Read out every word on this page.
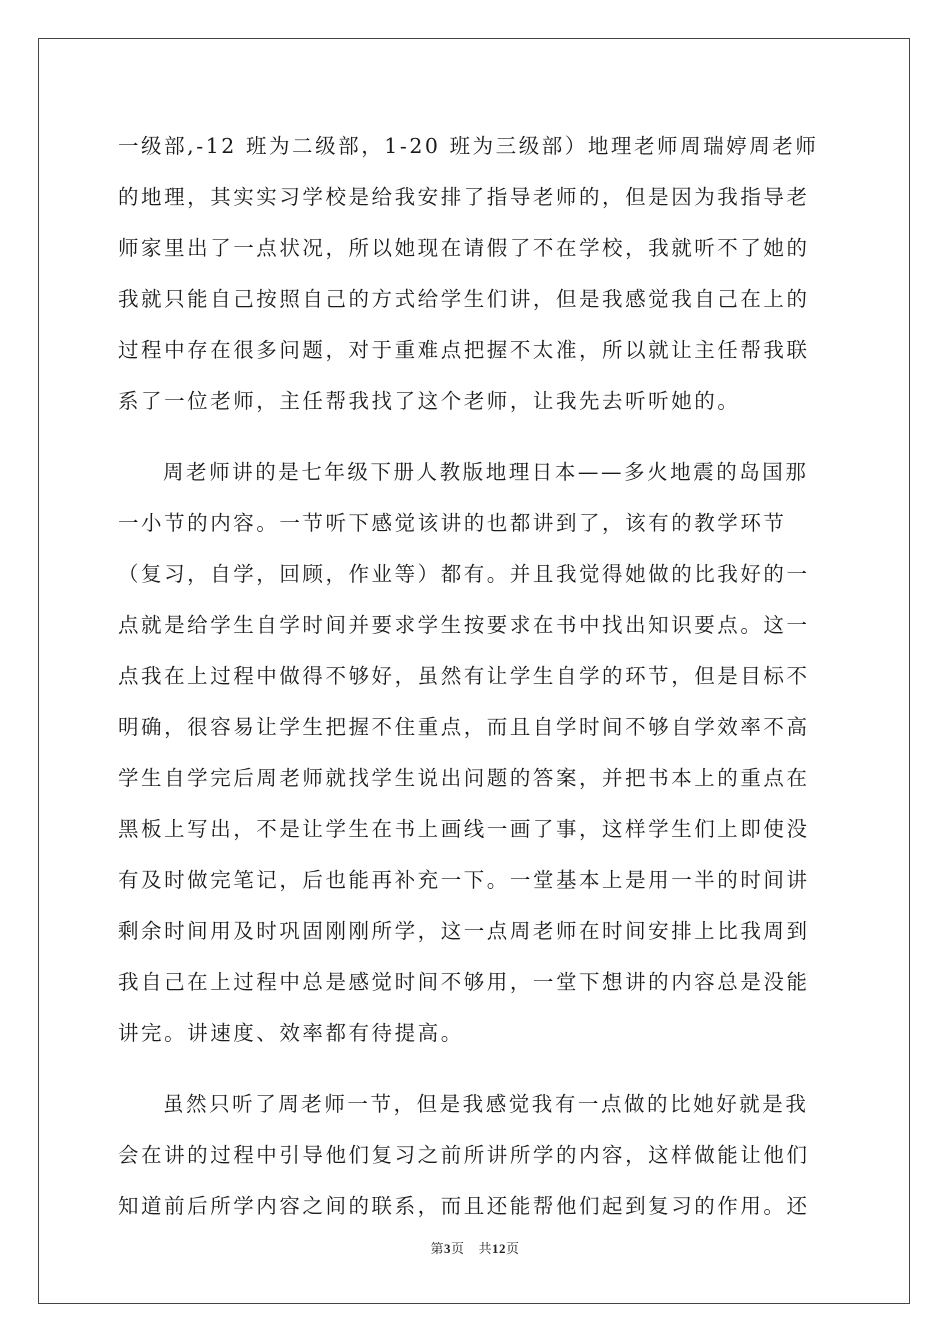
一级部,-12 班为二级部，1-20 班为三级部）地理老师周瑞婷周老师
的地理，其实实习学校是给我安排了指导老师的，但是因为我指导老
师家里出了一点状况，所以她现在请假了不在学校，我就听不了她的
我就只能自己按照自己的方式给学生们讲，但是我感觉我自己在上的
过程中存在很多问题，对于重难点把握不太准，所以就让主任帮我联
系了一位老师，主任帮我找了这个老师，让我先去听听她的。
周老师讲的是七年级下册人教版地理日本——多火地震的岛国那
一小节的内容。一节听下感觉该讲的也都讲到了，该有的教学环节
（复习，自学，回顾，作业等）都有。并且我觉得她做的比我好的一
点就是给学生自学时间并要求学生按要求在书中找出知识要点。这一
点我在上过程中做得不够好，虽然有让学生自学的环节，但是目标不
明确，很容易让学生把握不住重点，而且自学时间不够自学效率不高
学生自学完后周老师就找学生说出问题的答案，并把书本上的重点在
黑板上写出，不是让学生在书上画线一画了事，这样学生们上即使没
有及时做完笔记，后也能再补充一下。一堂基本上是用一半的时间讲
剩余时间用及时巩固刚刚所学，这一点周老师在时间安排上比我周到
我自己在上过程中总是感觉时间不够用，一堂下想讲的内容总是没能
讲完。讲速度、效率都有待提高。
虽然只听了周老师一节，但是我感觉我有一点做的比她好就是我
会在讲的过程中引导他们复习之前所讲所学的内容，这样做能让他们
知道前后所学内容之间的联系，而且还能帮他们起到复习的作用。还
第3页 共12页
